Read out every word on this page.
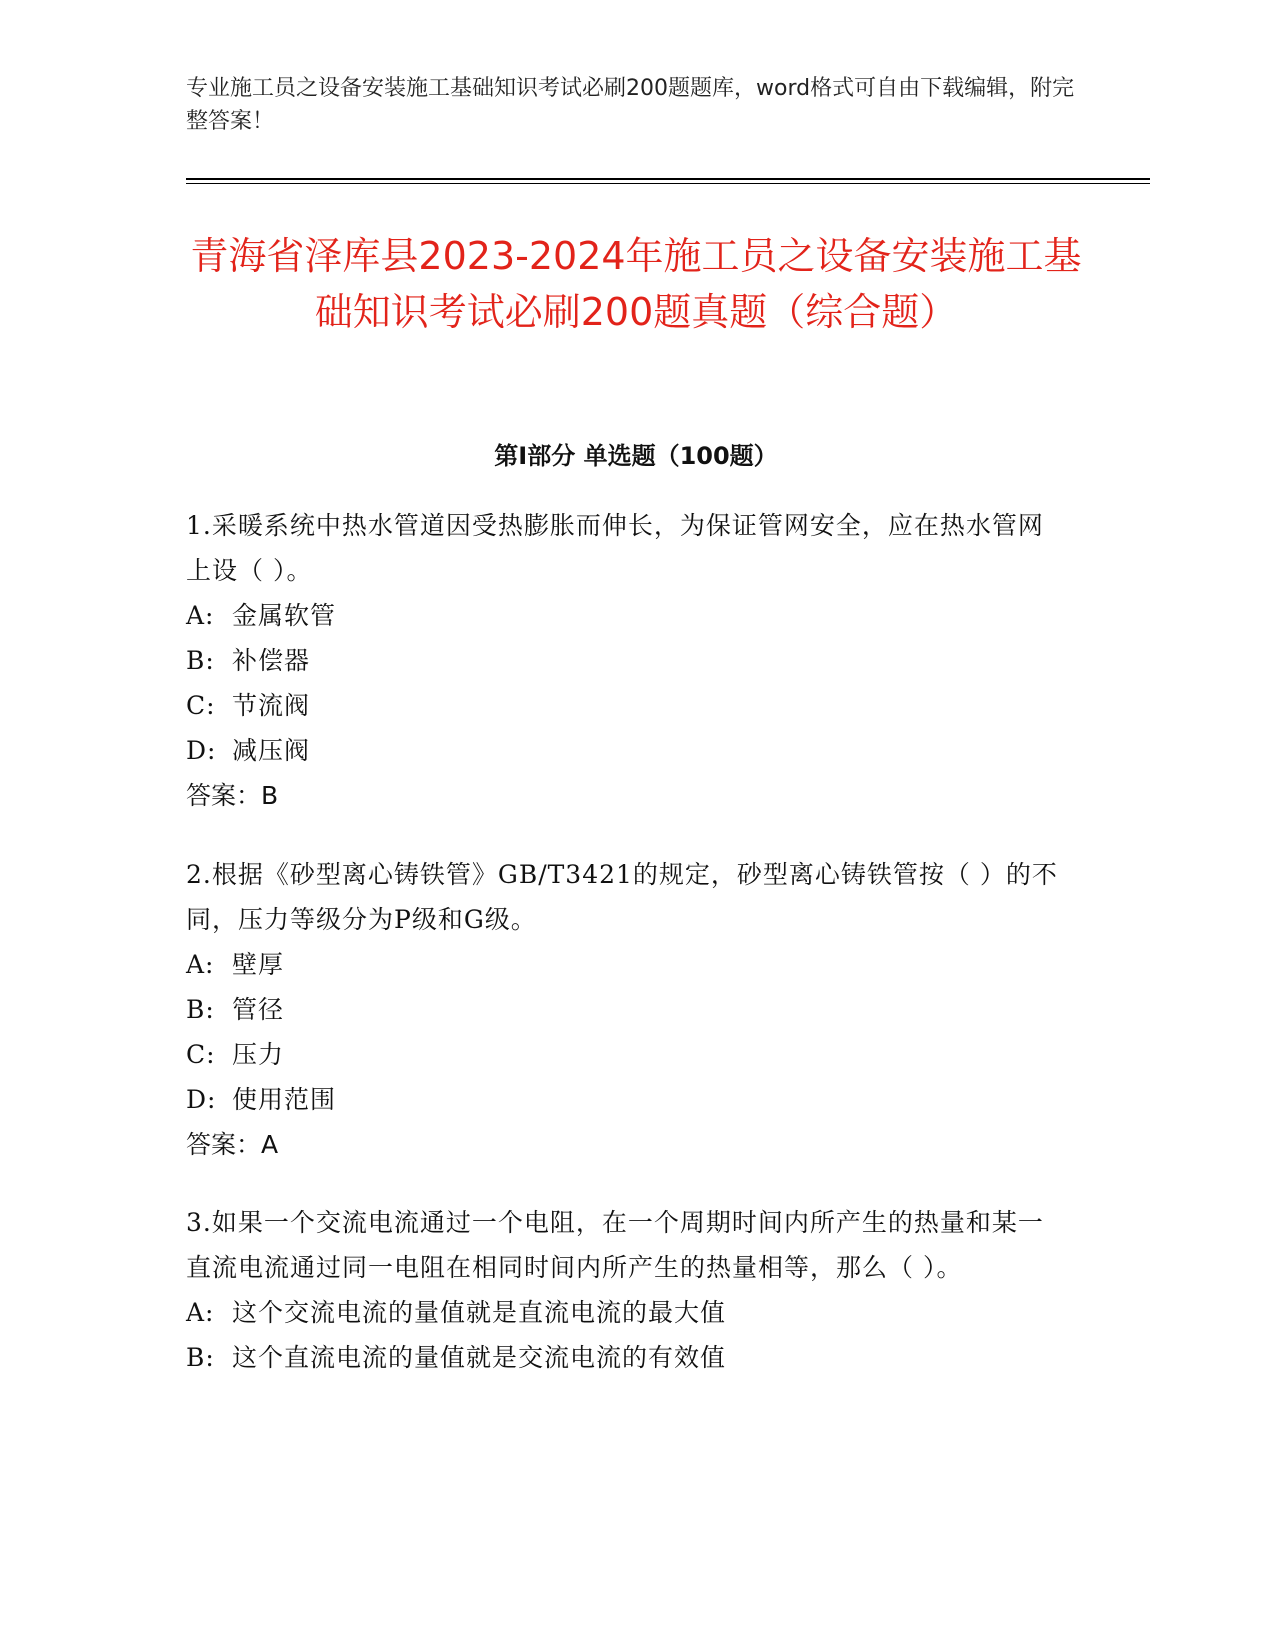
专业施工员之设备安装施工基础知识考试必刷200题题库，word格式可自由下载编辑，附完整答案！
青海省泽库县2023-2024年施工员之设备安装施工基础知识考试必刷200题真题（综合题）
第I部分 单选题（100题）
1.采暖系统中热水管道因受热膨胀而伸长，为保证管网安全，应在热水管网上设（ ）。
A: 金属软管
B: 补偿器
C: 节流阀
D: 减压阀
答案：B
2.根据《砂型离心铸铁管》GB/T3421的规定，砂型离心铸铁管按（ ）的不同，压力等级分为P级和G级。
A: 壁厚
B: 管径
C: 压力
D: 使用范围
答案：A
3.如果一个交流电流通过一个电阻，在一个周期时间内所产生的热量和某一直流电流通过同一电阻在相同时间内所产生的热量相等，那么（ ）。
A: 这个交流电流的量值就是直流电流的最大值
B: 这个直流电流的量值就是交流电流的有效值
